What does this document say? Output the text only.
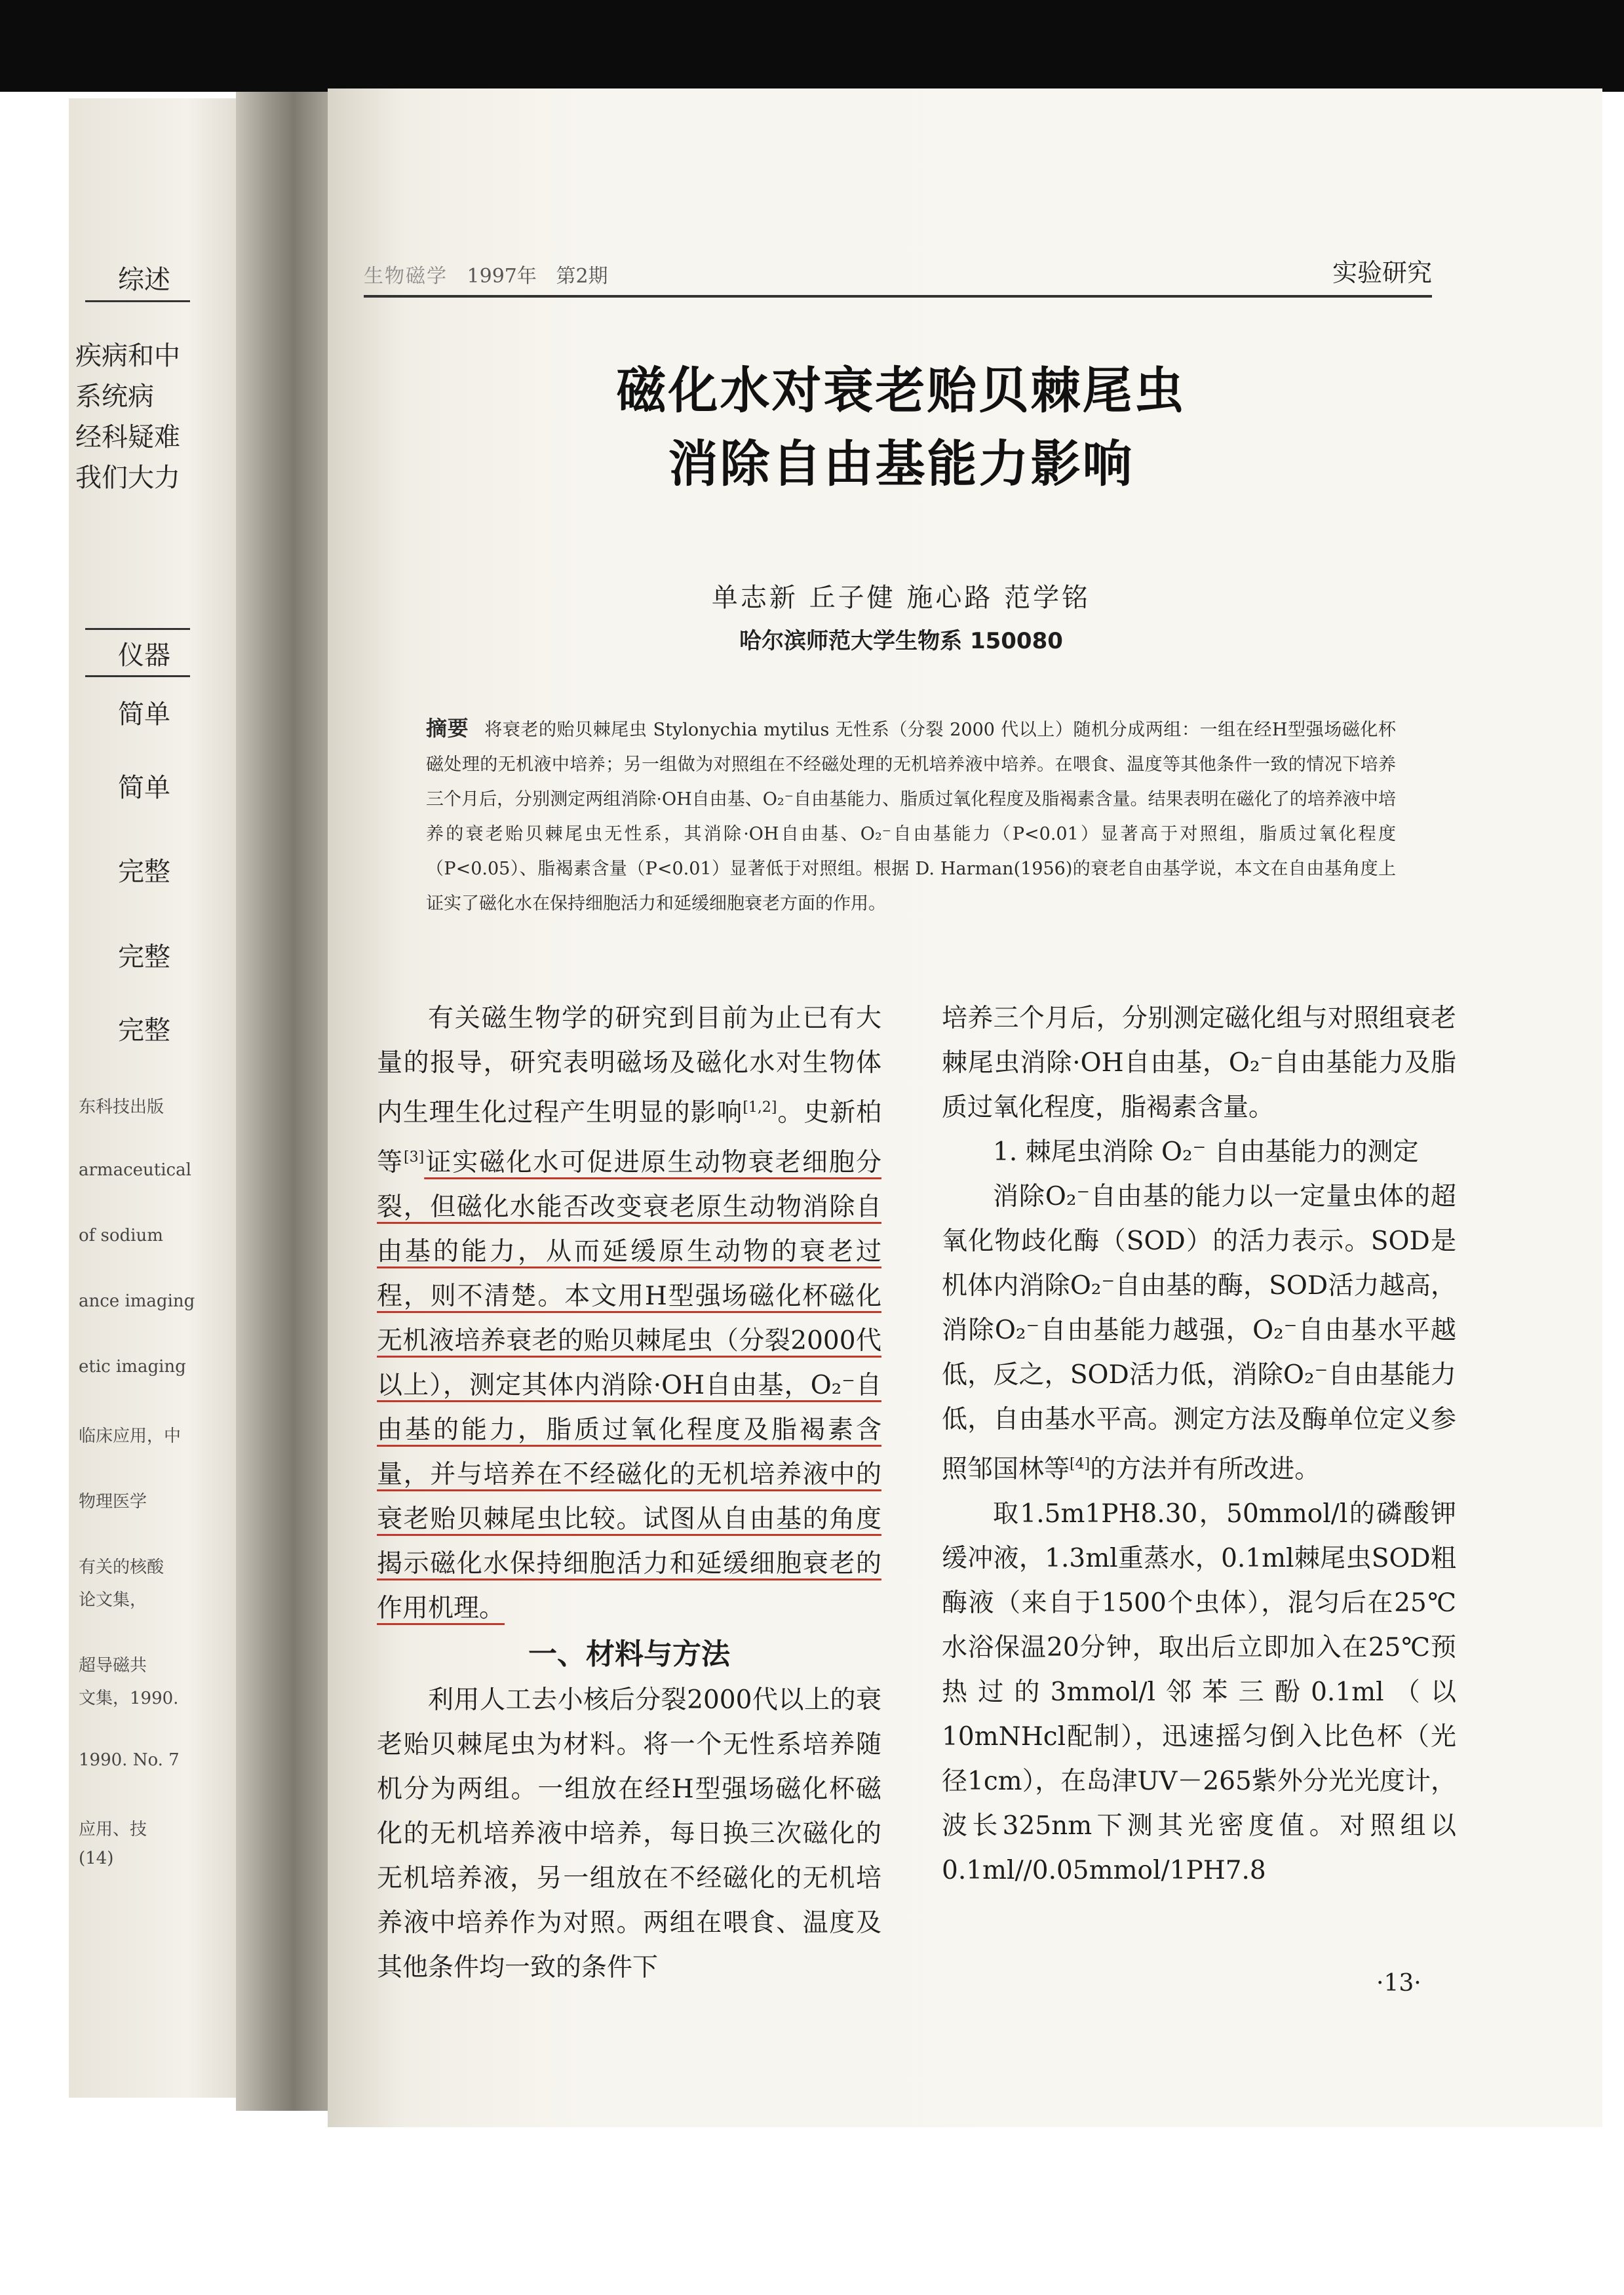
综述
疾病和中
系统病
经科疑难
我们大力
仪器
简单
简单
完整
完整
完整
东科技出版
armaceutical
of sodium
ance imaging
etic imaging
临床应用，中
物理医学
有关的核酸
论文集，
超导磁共
文集，1990.
1990. No. 7
应用、技
(14)
生物磁学 1997年 第2期	实验研究
磁化水对衰老贻贝棘尾虫
消除自由基能力影响
单志新 丘子健 施心路 范学铭
哈尔滨师范大学生物系 150080
摘要 将衰老的贻贝棘尾虫 Stylonychia mytilus 无性系（分裂 2000 代以上）随机分成两组：一组在经H型强场磁化杯磁处理的无机液中培养；另一组做为对照组在不经磁处理的无机培养液中培养。在喂食、温度等其他条件一致的情况下培养三个月后，分别测定两组消除·OH自由基、O₂⁻自由基能力、脂质过氧化程度及脂褐素含量。结果表明在磁化了的培养液中培养的衰老贻贝棘尾虫无性系，其消除·OH自由基、O₂⁻自由基能力（P<0.01）显著高于对照组，脂质过氧化程度（P<0.05）、脂褐素含量（P<0.01）显著低于对照组。根据 D. Harman(1956)的衰老自由基学说，本文在自由基角度上证实了磁化水在保持细胞活力和延缓细胞衰老方面的作用。

有关磁生物学的研究到目前为止已有大量的报导，研究表明磁场及磁化水对生物体内生理生化过程产生明显的影响[1,2]。史新柏等[3]证实磁化水可促进原生动物衰老细胞分裂，但磁化水能否改变衰老原生动物消除自由基的能力，从而延缓原生动物的衰老过程，则不清楚。本文用H型强场磁化杯磁化无机液培养衰老的贻贝棘尾虫（分裂2000代以上），测定其体内消除·OH自由基，O₂⁻自由基的能力，脂质过氧化程度及脂褐素含量，并与培养在不经磁化的无机培养液中的衰老贻贝棘尾虫比较。试图从自由基的角度揭示磁化水保持细胞活力和延缓细胞衰老的作用机理。

一、材料与方法

利用人工去小核后分裂2000代以上的衰老贻贝棘尾虫为材料。将一个无性系培养随机分为两组。一组放在经H型强场磁化杯磁化的无机培养液中培养，每日换三次磁化的无机培养液，另一组放在不经磁化的无机培养液中培养作为对照。两组在喂食、温度及其他条件均一致的条件下

培养三个月后，分别测定磁化组与对照组衰老棘尾虫消除·OH自由基，O₂⁻自由基能力及脂质过氧化程度，脂褐素含量。

1. 棘尾虫消除 O₂⁻ 自由基能力的测定

消除O₂⁻自由基的能力以一定量虫体的超氧化物歧化酶（SOD）的活力表示。SOD是机体内消除O₂⁻自由基的酶，SOD活力越高，消除O₂⁻自由基能力越强，O₂⁻自由基水平越低，反之，SOD活力低，消除O₂⁻自由基能力低，自由基水平高。测定方法及酶单位定义参照邹国林等[4]的方法并有所改进。

取1.5m1PH8.30，50mmol/l的磷酸钾缓冲液，1.3ml重蒸水，0.1ml棘尾虫SOD粗酶液（来自于1500个虫体），混匀后在25℃水浴保温20分钟，取出后立即加入在25℃预热过的3mmol/l邻苯三酚0.1ml（以10mNHcl配制），迅速摇匀倒入比色杯（光径1cm），在岛津UV－265紫外分光光度计，波长325nm下测其光密度值。对照组以0.1ml//0.05mmol/1PH7.8

·13·
